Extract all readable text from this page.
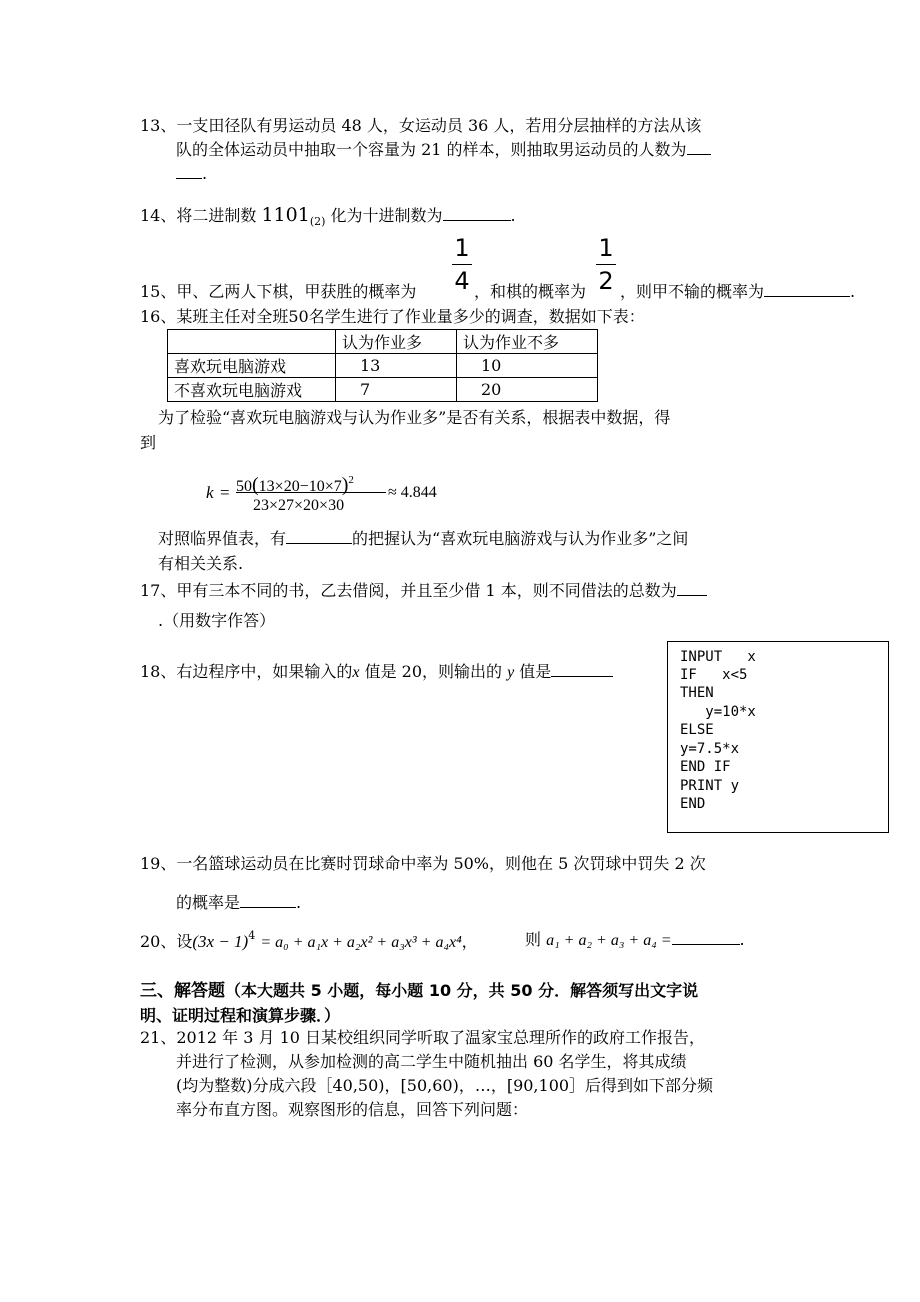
13、一支田径队有男运动员 48 人，女运动员 36 人，若用分层抽样的方法从该
队的全体运动员中抽取一个容量为 21 的样本，则抽取男运动员的人数为
.
14、将二进制数 $1101_{(2)}$ 化为十进制数为	.
1
4
1
2
15、甲、乙两人下棋，甲获胜的概率为	，和棋的概率为 ，则甲不输的概率为	.
16、某班主任对全班50名学生进行了作业量多少的调查，数据如下表：
	认为作业多	认为作业不多
喜欢玩电脑游戏	13	10
不喜欢玩电脑游戏	7	20
为了检验“喜欢玩电脑游戏与认为作业多”是否有关系，根据表中数据，得
到
$k = 50(13\times 20-10\times 7)^2$
23×27×20×30
≈ 4.844
对照临界值表，有	的把握认为“喜欢玩电脑游戏与认为作业多”之间
有相关关系.
17、甲有三本不同的书，乙去借阅，并且至少借 1 本，则不同借法的总数为
.（用数字作答）
18、右边程序中，如果输入的x 值是 20，则输出的 y 值是
INPUT   x
IF   x<5
THEN
y=10*x
ELSE
y=7.5*x
END IF
PRINT y
END
19、一名篮球运动员在比赛时罚球命中率为 50%，则他在 5 次罚球中罚失 2 次
的概率是	.
20、设$(3x - 1)^4 = a_0 + a_1x + a_2x^2 + a_3x^3 + a_4x^4$，	则 a₁ + a₂ + a₃ + a₄ =	.
三、解答题（本大题共 5 小题，每小题 10 分，共 50 分．解答须写出文字说
明、证明过程和演算步骤．）
21、2012 年 3 月 10 日某校组织同学听取了温家宝总理所作的政府工作报告，
并进行了检测，从参加检测的高二学生中随机抽出 60 名学生，将其成绩
(均为整数)分成六段［40,50)，[50,60)，…，[90,100］后得到如下部分频
率分布直方图。观察图形的信息，回答下列问题：
